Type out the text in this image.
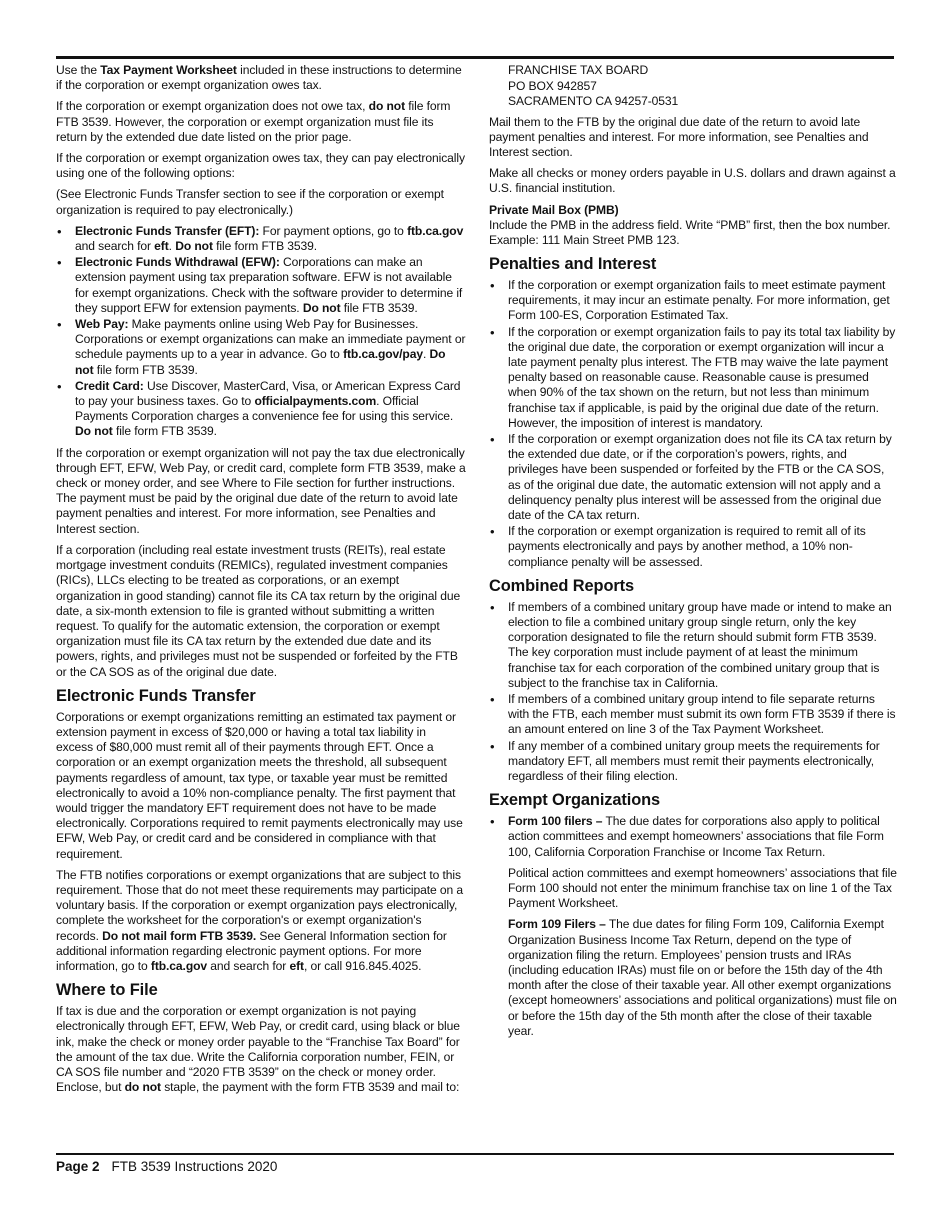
Use the Tax Payment Worksheet included in these instructions to determine if the corporation or exempt organization owes tax.

If the corporation or exempt organization does not owe tax, do not file form FTB 3539. However, the corporation or exempt organization must file its return by the extended due date listed on the prior page.

If the corporation or exempt organization owes tax, they can pay electronically using one of the following options:

(See Electronic Funds Transfer section to see if the corporation or exempt organization is required to pay electronically.)

• Electronic Funds Transfer (EFT): For payment options, go to ftb.ca.gov and search for eft. Do not file form FTB 3539.
• Electronic Funds Withdrawal (EFW): Corporations can make an extension payment using tax preparation software. EFW is not available for exempt organizations. Check with the software provider to determine if they support EFW for extension payments. Do not file FTB 3539.
• Web Pay: Make payments online using Web Pay for Businesses. Corporations or exempt organizations can make an immediate payment or schedule payments up to a year in advance. Go to ftb.ca.gov/pay. Do not file form FTB 3539.
• Credit Card: Use Discover, MasterCard, Visa, or American Express Card to pay your business taxes. Go to officialpayments.com. Official Payments Corporation charges a convenience fee for using this service. Do not file form FTB 3539.

If the corporation or exempt organization will not pay the tax due electronically through EFT, EFW, Web Pay, or credit card, complete form FTB 3539, make a check or money order, and see Where to File section for further instructions. The payment must be paid by the original due date of the return to avoid late payment penalties and interest. For more information, see Penalties and Interest section.

If a corporation (including real estate investment trusts (REITs), real estate mortgage investment conduits (REMICs), regulated investment companies (RICs), LLCs electing to be treated as corporations, or an exempt organization in good standing) cannot file its CA tax return by the original due date, a six-month extension to file is granted without submitting a written request. To qualify for the automatic extension, the corporation or exempt organization must file its CA tax return by the extended due date and its powers, rights, and privileges must not be suspended or forfeited by the FTB or the CA SOS as of the original due date.

Electronic Funds Transfer

Corporations or exempt organizations remitting an estimated tax payment or extension payment in excess of $20,000 or having a total tax liability in excess of $80,000 must remit all of their payments through EFT. Once a corporation or an exempt organization meets the threshold, all subsequent payments regardless of amount, tax type, or taxable year must be remitted electronically to avoid a 10% non-compliance penalty. The first payment that would trigger the mandatory EFT requirement does not have to be made electronically. Corporations required to remit payments electronically may use EFW, Web Pay, or credit card and be considered in compliance with that requirement.

The FTB notifies corporations or exempt organizations that are subject to this requirement. Those that do not meet these requirements may participate on a voluntary basis. If the corporation or exempt organization pays electronically, complete the worksheet for the corporation's or exempt organization's records. Do not mail form FTB 3539. See General Information section for additional information regarding electronic payment options. For more information, go to ftb.ca.gov and search for eft, or call 916.845.4025.

Where to File

If tax is due and the corporation or exempt organization is not paying electronically through EFT, EFW, Web Pay, or credit card, using black or blue ink, make the check or money order payable to the “Franchise Tax Board” for the amount of the tax due. Write the California corporation number, FEIN, or CA SOS file number and “2020 FTB 3539” on the check or money order. Enclose, but do not staple, the payment with the form FTB 3539 and mail to:

FRANCHISE TAX BOARD
PO BOX 942857
SACRAMENTO CA 94257-0531

Mail them to the FTB by the original due date of the return to avoid late payment penalties and interest. For more information, see Penalties and Interest section.

Make all checks or money orders payable in U.S. dollars and drawn against a U.S. financial institution.

Private Mail Box (PMB)

Include the PMB in the address field. Write “PMB” first, then the box number. Example: 111 Main Street PMB 123.

Penalties and Interest
• If the corporation or exempt organization fails to meet estimate payment requirements, it may incur an estimate penalty. For more information, get Form 100-ES, Corporation Estimated Tax.
• If the corporation or exempt organization fails to pay its total tax liability by the original due date, the corporation or exempt organization will incur a late payment penalty plus interest. The FTB may waive the late payment penalty based on reasonable cause. Reasonable cause is presumed when 90% of the tax shown on the return, but not less than minimum franchise tax if applicable, is paid by the original due date of the return. However, the imposition of interest is mandatory.
• If the corporation or exempt organization does not file its CA tax return by the extended due date, or if the corporation’s powers, rights, and privileges have been suspended or forfeited by the FTB or the CA SOS, as of the original due date, the automatic extension will not apply and a delinquency penalty plus interest will be assessed from the original due date of the CA tax return.
• If the corporation or exempt organization is required to remit all of its payments electronically and pays by another method, a 10% non-compliance penalty will be assessed.
Combined Reports
• If members of a combined unitary group have made or intend to make an election to file a combined unitary group single return, only the key corporation designated to file the return should submit form FTB 3539. The key corporation must include payment of at least the minimum franchise tax for each corporation of the combined unitary group that is subject to the franchise tax in California.
• If members of a combined unitary group intend to file separate returns with the FTB, each member must submit its own form FTB 3539 if there is an amount entered on line 3 of the Tax Payment Worksheet.
• If any member of a combined unitary group meets the requirements for mandatory EFT, all members must remit their payments electronically, regardless of their filing election.
Exempt Organizations
• Form 100 filers – The due dates for corporations also apply to political action committees and exempt homeowners’ associations that file Form 100, California Corporation Franchise or Income Tax Return.

Political action committees and exempt homeowners’ associations that file Form 100 should not enter the minimum franchise tax on line 1 of the Tax Payment Worksheet.

Form 109 Filers – The due dates for filing Form 109, California Exempt Organization Business Income Tax Return, depend on the type of organization filing the return. Employees’ pension trusts and IRAs (including education IRAs) must file on or before the 15th day of the 4th month after the close of their taxable year. All other exempt organizations (except homeowners’ associations and political organizations) must file on or before the 15th day of the 5th month after the close of their taxable year.

Page 2 FTB 3539 Instructions 2020
